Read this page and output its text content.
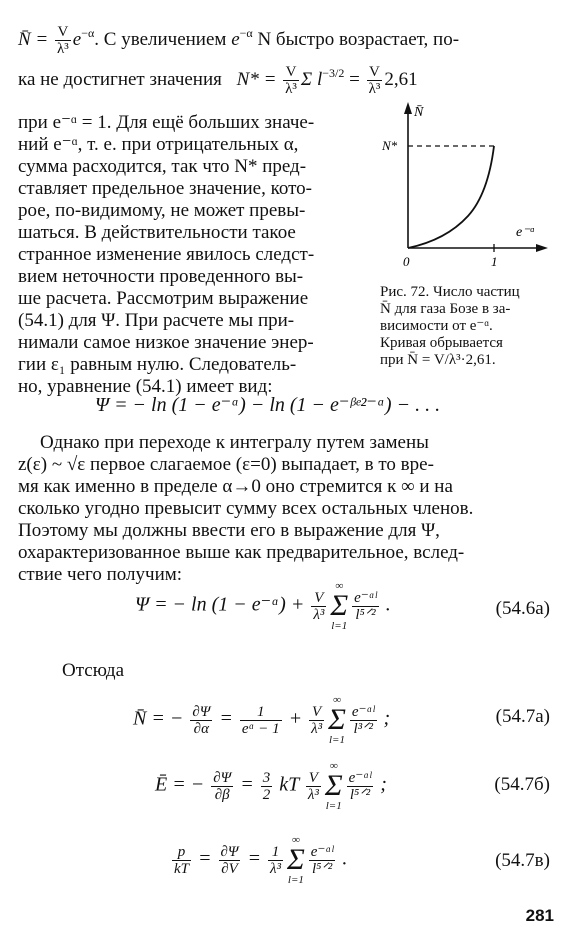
N̄ = $\frac{V}{\text{λ³}} e^{-\alpha}$. С увеличением $e^{-\alpha}$ N быстро возрастает, по-
ка не достигнет значения $N* = \frac{V}{\text{λ³}}$ Σ $l^{-3/2} = \frac{V}{\text{λ³}} 2,61$
при e⁻ᵅ = 1. Для ещё больших значе-
ний e⁻ᵅ, т. е. при отрицательных α,
сумма расходится, так что N* пред-
ставляет предельное значение, кото-
рое, по-видимому, не может превы-
шаться. В действительности такое
странное изменение явилось следст-
вием неточности проведенного вы-
ше расчета. Рассмотрим выражение
(54.1) для Ψ. При расчете мы при-
нимали самое низкое значение энер-
гии ε₁ равным нулю. Следователь-
но, уравнение (54.1) имеет вид:
N̄
N*
e⁻ᵅ
0	1
Рис. 72. Число частиц
N̄ для газа Бозе в за-
висимости от e⁻ᵅ.
Кривая обрывается
при N̄ = V/λ³·2,61.
Ψ = − ln (1 − e⁻ᵅ) − ln (1 − e⁻ᵝᵉ²⁻ᵅ) − . . .
Однако при переходе к интегралу путем замены
z(ε) ~ √ε первое слагаемое (ε=0) выпадает, в то вре-
мя как именно в пределе α→0 оно стремится к ∞ и на
сколько угодно превысит сумму всех остальных членов.
Поэтому мы должны ввести его в выражение для Ψ,
охарактеризованное выше как предварительное, вслед-
ствие чего получим:
Ψ = − ln (1 − e⁻ᵅ) + $\frac{V}{\text{λ³}}$
∞
Σ
l=1
$\frac{\text{e⁻ᵅˡ}}{\text{l⁵ᐟ²}}$ .	(54.6а)
Отсюда
N̄ = − $\frac{\partial\Psi}{\partial\alpha} = \frac{1}{\text{eᵅ − 1}} + \frac{V}{\text{λ³}}$
∞
Σ
l=1
$\frac{\text{e⁻ᵅˡ}}{\text{l³ᐟ²}}$ ;	(54.7а)
Ē = − $\frac{\partial\Psi}{\partial\beta} = \frac{3}{2}$ kT $\frac{V}{\text{λ³}}$
∞
Σ
l=1
$\frac{\text{e⁻ᵅˡ}}{\text{l⁵ᐟ²}}$ ;	(54.7б)
$\frac{p}{kT} = \frac{\partial\Psi}{\partial V} = \frac{1}{\text{λ³}}$
∞
Σ
l=1
$\frac{\text{e⁻ᵅˡ}}{\text{l⁵ᐟ²}}$ .	(54.7в)
281
